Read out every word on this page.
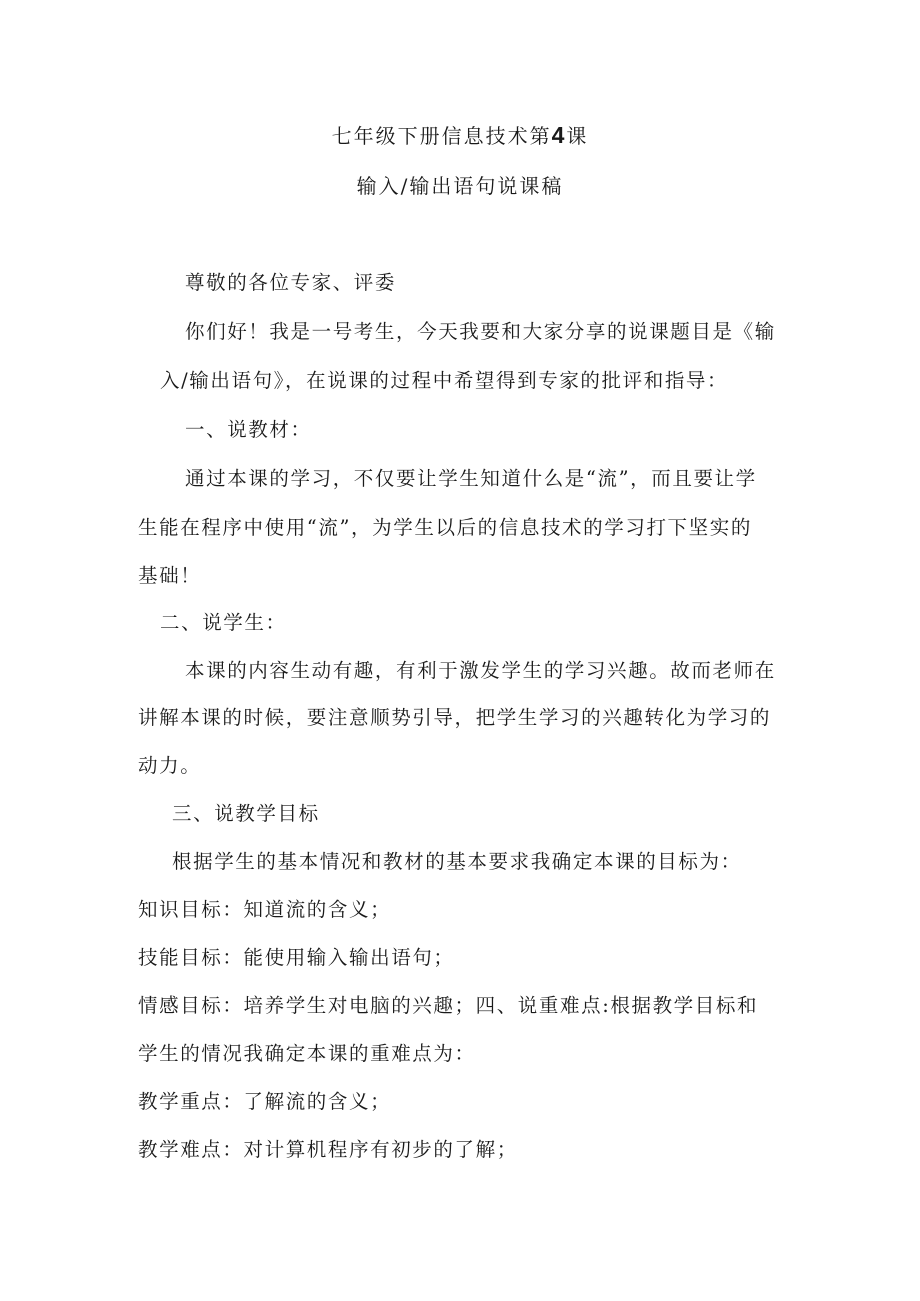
七年级下册信息技术第4课
输入/输出语句说课稿
尊敬的各位专家、评委
你们好！我是一号考生，今天我要和大家分享的说课题目是《输
入/输出语句》，在说课的过程中希望得到专家的批评和指导：
一、说教材：
通过本课的学习，不仅要让学生知道什么是“流”，而且要让学
生能在程序中使用“流”，为学生以后的信息技术的学习打下坚实的
基础！
二、说学生：
本课的内容生动有趣，有利于激发学生的学习兴趣。故而老师在
讲解本课的时候，要注意顺势引导，把学生学习的兴趣转化为学习的
动力。
三、说教学目标
根据学生的基本情况和教材的基本要求我确定本课的目标为：
知识目标：知道流的含义；
技能目标：能使用输入输出语句；
情感目标：培养学生对电脑的兴趣；四、说重难点:根据教学目标和
学生的情况我确定本课的重难点为：
教学重点：了解流的含义；
教学难点：对计算机程序有初步的了解；
